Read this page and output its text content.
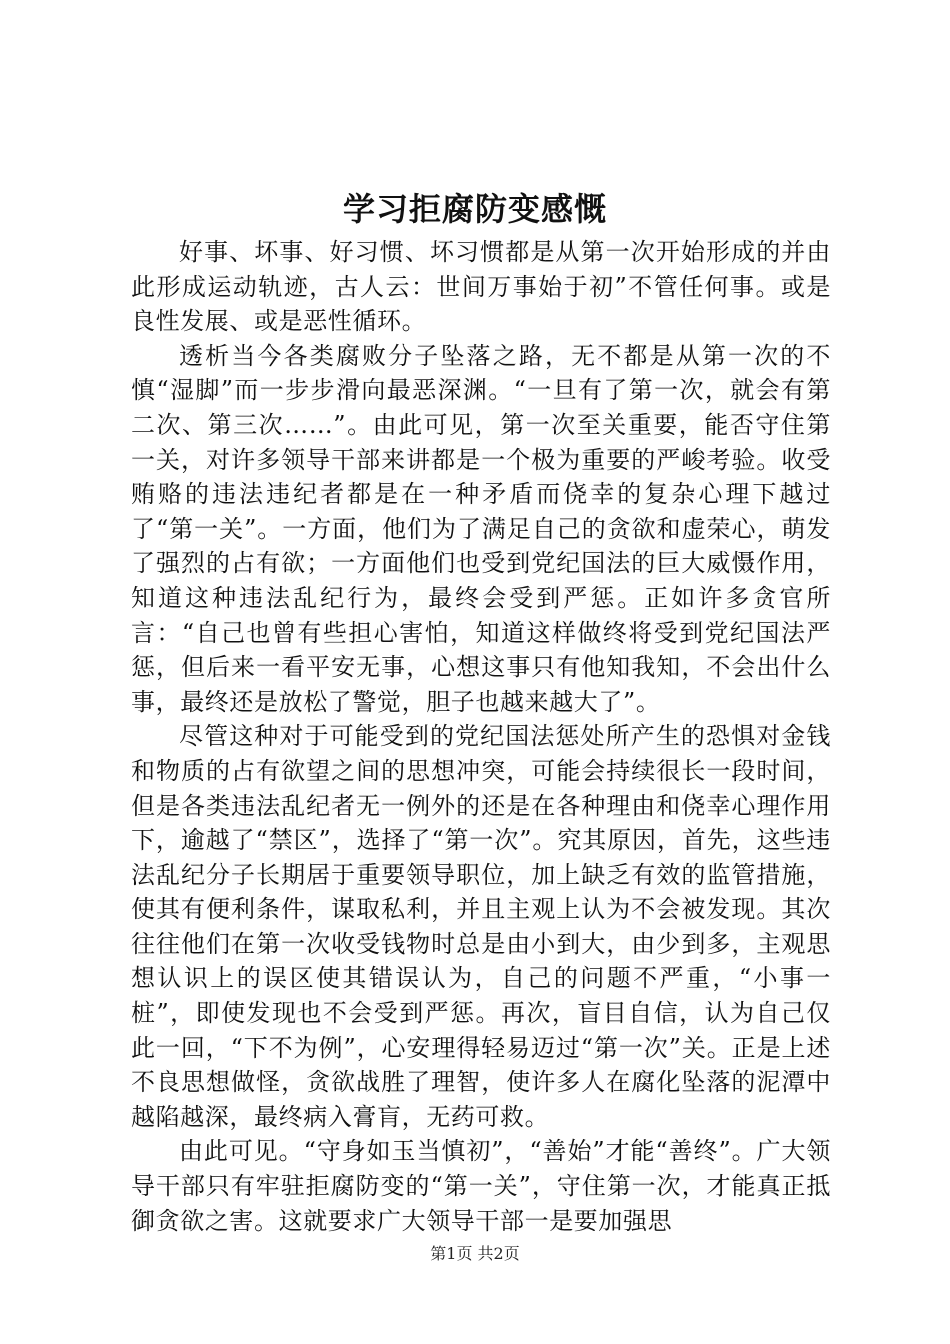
学习拒腐防变感慨

好事、坏事、好习惯、坏习惯都是从第一次开始形成的并由此形成运动轨迹，古人云：世间万事始于初”不管任何事。或是良性发展、或是恶性循环。

透析当今各类腐败分子坠落之路，无不都是从第一次的不慎“湿脚”而一步步滑向最恶深渊。“一旦有了第一次，就会有第二次、第三次……”。由此可见，第一次至关重要，能否守住第一关，对许多领导干部来讲都是一个极为重要的严峻考验。收受贿赂的违法违纪者都是在一种矛盾而侥幸的复杂心理下越过了“第一关”。一方面，他们为了满足自己的贪欲和虚荣心，萌发了强烈的占有欲；一方面他们也受到党纪国法的巨大威慑作用，知道这种违法乱纪行为，最终会受到严惩。正如许多贪官所言：“自己也曾有些担心害怕，知道这样做终将受到党纪国法严惩，但后来一看平安无事，心想这事只有他知我知，不会出什么事，最终还是放松了警觉，胆子也越来越大了”。

尽管这种对于可能受到的党纪国法惩处所产生的恐惧对金钱和物质的占有欲望之间的思想冲突，可能会持续很长一段时间，但是各类违法乱纪者无一例外的还是在各种理由和侥幸心理作用下，逾越了“禁区”，选择了“第一次”。究其原因，首先，这些违法乱纪分子长期居于重要领导职位，加上缺乏有效的监管措施，使其有便利条件，谋取私利，并且主观上认为不会被发现。其次往往他们在第一次收受钱物时总是由小到大，由少到多，主观思想认识上的误区使其错误认为，自己的问题不严重，“小事一桩”，即使发现也不会受到严惩。再次，盲目自信，认为自己仅此一回，“下不为例”，心安理得轻易迈过“第一次”关。正是上述不良思想做怪，贪欲战胜了理智，使许多人在腐化坠落的泥潭中越陷越深，最终病入膏肓，无药可救。

由此可见。“守身如玉当慎初”，“善始”才能“善终”。广大领导干部只有牢驻拒腐防变的“第一关”，守住第一次，才能真正抵御贪欲之害。这就要求广大领导干部一是要加强思

第1页 共2页
